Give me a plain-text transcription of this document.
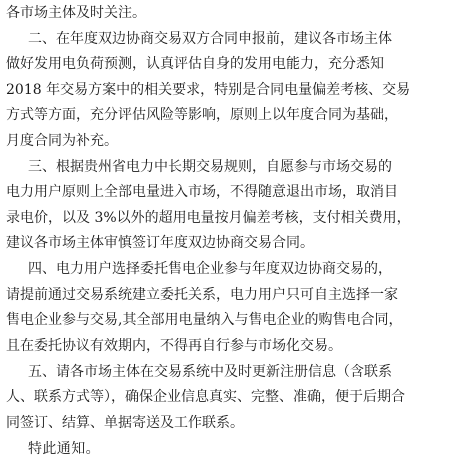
各市场主体及时关注。
二、在年度双边协商交易双方合同申报前，建议各市场主体
做好发用电负荷预测，认真评估自身的发用电能力，充分悉知
2018 年交易方案中的相关要求，特别是合同电量偏差考核、交易
方式等方面，充分评估风险等影响，原则上以年度合同为基础，
月度合同为补充。
三、根据贵州省电力中长期交易规则，自愿参与市场交易的
电力用户原则上全部电量进入市场，不得随意退出市场，取消目
录电价，以及 3%以外的超用电量按月偏差考核，支付相关费用，
建议各市场主体审慎签订年度双边协商交易合同。
四、电力用户选择委托售电企业参与年度双边协商交易的，
请提前通过交易系统建立委托关系，电力用户只可自主选择一家
售电企业参与交易,其全部用电量纳入与售电企业的购售电合同，
且在委托协议有效期内，不得再自行参与市场化交易。
五、请各市场主体在交易系统中及时更新注册信息（含联系
人、联系方式等），确保企业信息真实、完整、准确，便于后期合
同签订、结算、单据寄送及工作联系。
特此通知。
